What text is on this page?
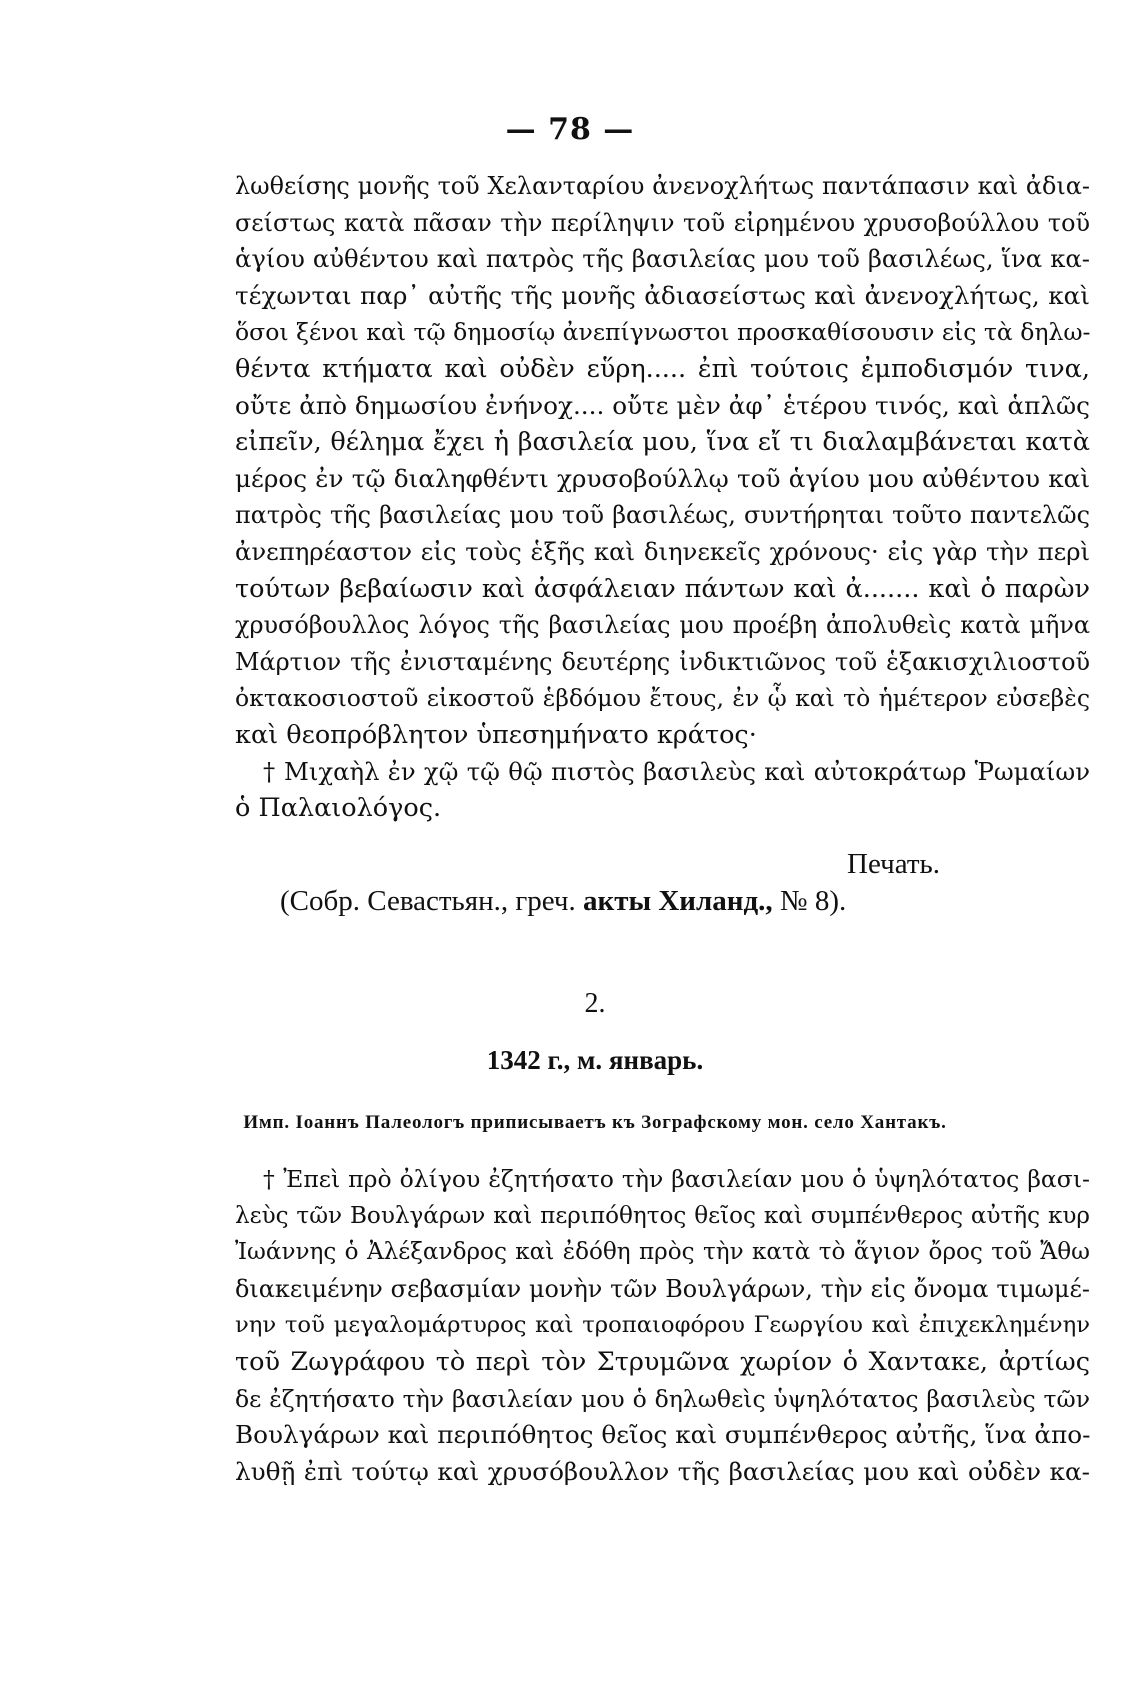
— 78 —
λωθείσης μονῆς τοῦ Χελανταρίου ἀνενοχλήτως παντάπασιν καὶ ἀδια-
σείστως κατὰ πᾶσαν τὴν περίληψιν τοῦ εἰρημένου χρυσοβούλλου τοῦ
ἁγίου αὐθέντου καὶ πατρὸς τῆς βασιλείας μου τοῦ βασιλέως, ἵνα κα-
τέχωνται παρ᾽ αὐτῆς τῆς μονῆς ἀδιασείστως καὶ ἀνενοχλήτως, καὶ
ὅσοι ξένοι καὶ τῷ δημοσίῳ ἀνεπίγνωστοι προσκαθίσουσιν εἰς τὰ δηλω-
θέντα κτήματα καὶ οὐδὲν εὕρη..... ἐπὶ τούτοις ἐμποδισμόν τινα,
οὔτε ἀπὸ δημωσίου ἐνήνοχ.... οὔτε μὲν ἀφ᾽ ἑτέρου τινός, καὶ ἁπλῶς
εἰπεῖν, θέλημα ἔχει ἡ βασιλεία μου, ἵνα εἴ τι διαλαμβάνεται κατὰ
μέρος ἐν τῷ διαληφθέντι χρυσοβούλλῳ τοῦ ἁγίου μου αὐθέντου καὶ
πατρὸς τῆς βασιλείας μου τοῦ βασιλέως, συντήρηται τοῦτο παντελῶς
ἀνεπηρέαστον εἰς τοὺς ἑξῆς καὶ διηνεκεῖς χρόνους· εἰς γὰρ τὴν περὶ
τούτων βεβαίωσιν καὶ ἀσφάλειαν πάντων καὶ ἀ....... καὶ ὁ παρὼν
χρυσόβουλλος λόγος τῆς βασιλείας μου προέβη ἀπολυθεὶς κατὰ μῆνα
Μάρτιον τῆς ἐνισταμένης δευτέρης ἰνδικτιῶνος τοῦ ἑξακισχιλιοστοῦ
ὀκτακοσιοστοῦ εἰκοστοῦ ἑβδόμου ἔτους, ἐν ᾧ καὶ τὸ ἡμέτερον εὐσεβὲς
καὶ θεοπρόβλητον ὑπεσημήνατο κράτος·
† Μιχαὴλ ἐν χῷ τῷ θῷ πιστὸς βασιλεὺς καὶ αὐτοκράτωρ Ῥωμαίων
ὁ Παλαιολόγος.
Печать.
(Собр. Севастьян., греч. акты Хиланд., № 8).
2.
1342 г., м. январь.
Имп. Іоаннъ Палеологъ приписываетъ къ Зографскому мон. село Хантакъ.
† Ἐπεὶ πρὸ ὀλίγου ἐζητήσατο τὴν βασιλείαν μου ὁ ὑψηλότατος βασι-
λεὺς τῶν Βουλγάρων καὶ περιπόθητος θεῖος καὶ συμπένθερος αὐτῆς κυρ
Ἰωάννης ὁ Ἀλέξανδρος καὶ ἐδόθη πρὸς τὴν κατὰ τὸ ἅγιον ὄρος τοῦ Ἄθω
διακειμένην σεβασμίαν μονὴν τῶν Βουλγάρων, τὴν εἰς ὄνομα τιμωμέ-
νην τοῦ μεγαλομάρτυρος καὶ τροπαιοφόρου Γεωργίου καὶ ἐπιχεκλημένην
τοῦ Ζωγράφου τὸ περὶ τὸν Στρυμῶνα χωρίον ὁ Χαντακε, ἀρτίως
δε ἐζητήσατο τὴν βασιλείαν μου ὁ δηλωθεὶς ὑψηλότατος βασιλεὺς τῶν
Βουλγάρων καὶ περιπόθητος θεῖος καὶ συμπένθερος αὐτῆς, ἵνα ἀπο-
λυθῇ ἐπὶ τούτῳ καὶ χρυσόβουλλον τῆς βασιλείας μου καὶ οὐδὲν κα-
